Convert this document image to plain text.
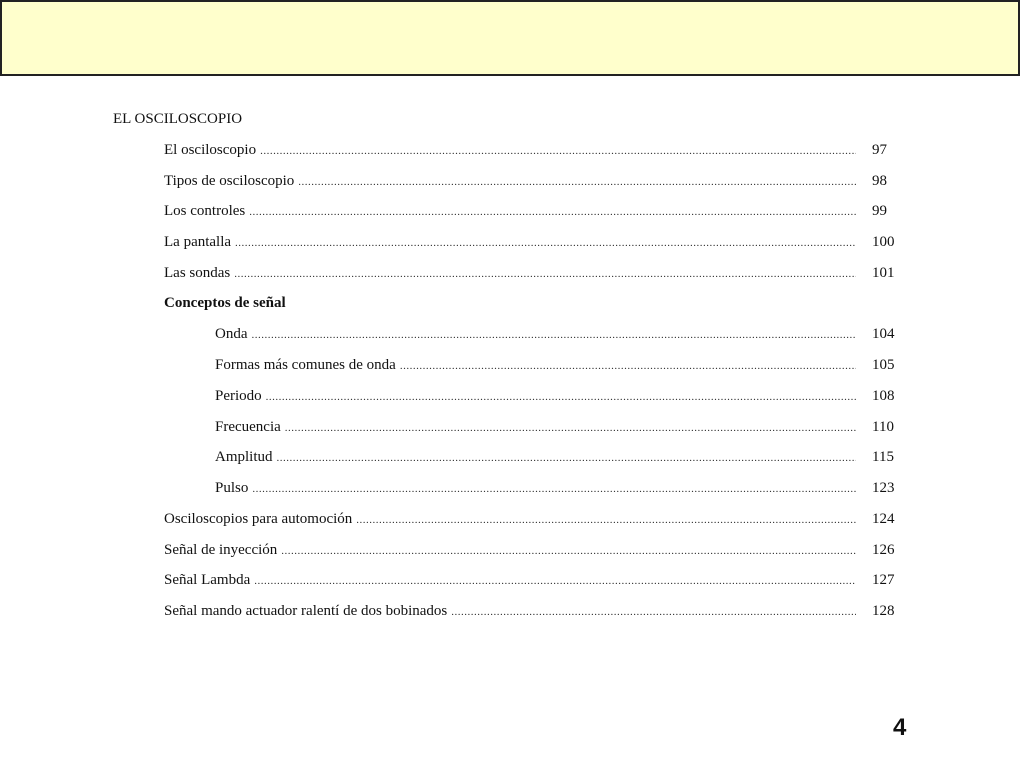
EL OSCILOSCOPIO
El osciloscopio .....	97
Tipos de osciloscopio .....	98
Los controles .....	99
La pantalla .....	100
Las sondas .....	101
Conceptos de señal
Onda .....	104
Formas más comunes de onda .....	105
Periodo .....	108
Frecuencia .....	110
Amplitud .....	115
Pulso .....	123
Osciloscopios para automoción .....	124
Señal de inyección .....	126
Señal Lambda .....	127
Señal mando actuador ralentí de dos bobinados .....	128
4
